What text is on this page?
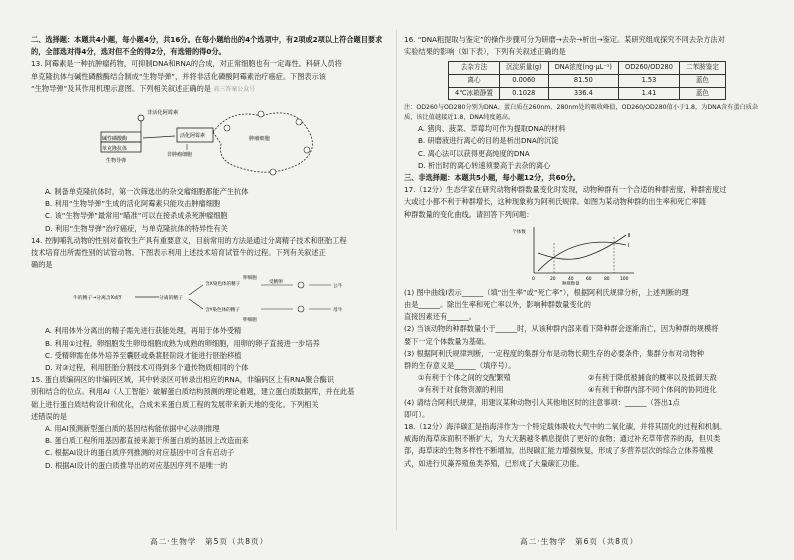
二、选择题：本题共4小题，每小题4分，共16分。在每小题给出的4个选项中，有2项或2项以上符合题目要求的，全部选对得4分，选对但不全的得2分，有选错的得0分。

13. 阿霉素是一种抗肿瘤药物，可抑制DNA和RNA的合成，对正常细胞也有一定毒性。科研人员将

单克隆抗体与碱性磷酸酶结合制成“生物导弹”，并将非活化磷酸阿霉素治疗癌症。下图表示该

“生物导弹”及其作用机理示意图。下列相关叙述正确的是 高三答案公众号

非活化阿霉素
碱性磷酸酶
单克隆抗体
生物导弹
活化阿霉素	肿瘤细胞
非肿瘤细胞

A. 制备单克隆抗体时，第一次筛选出的杂交瘤细胞都能产生抗体

B. 利用“生物导弹”生成的活化阿霉素只能攻击肿瘤细胞

C. 该“生物导弹”最常用“瞄准”可以在接杀成杀死肿瘤细胞

D. 利用“生物导弹”治疗癌症，与单克隆抗体的特异性有关

14. 控制哺乳动物的性别对畜牧生产具有重要意义，目前常用的方法是通过分离精子技术和胚胎工程

技术培育出所需性别的试管动物。下图表示利用上述技术培育试管牛的过程。下列有关叙述正

确的是

牛的精子→分离含X或Y	分离的精子
含X染色体的精子
含Y染色体的精子
卵细胞
卵细胞
受精卵
公牛
母牛

A. 利用体外分离出的精子需先进行获能处理，再用于体外受精

B. 利用①过程，卵细胞发生卵母细胞成熟为成熟的卵细胞，用卵的卵子直接进一步培养

C. 受精卵需在体外培养至囊胚或桑葚胚阶段才能进行胚胎移植

D. 对③过程，利用胚胎分割技术可得到多个遗传物质相同的个体

15. 蛋白质编码区的非编码区域，其中转录区可转录出相应的RNA，非编码区上有RNA聚合酶识

别和结合的位点。利用AI（人工智能）破解蛋白质结构预测的理论难题，建立蛋白质数据库，并在此基

础上进行蛋白质结构设计和优化，合成未来蛋白质工程的发展带来新天地的变化。下列相关

述错误的是

A. 用AI预测新型蛋白质的基因结构能依据中心法则推理

B. 蛋白质工程所用基因都直接来源于所蛋白质的基因上改造而来

C. 根据AI设计的蛋白质序列推测的对应基因中可含有启动子

D. 根据AI设计的蛋白质推导出的对应基因序列不是唯一的

16. “DNA粗提取与鉴定”的操作步骤可分为研磨→去杂→析出→鉴定。某研究组成探究不同去杂方法对

实验结果的影响（如下表），下列有关叙述正确的是

去杂方法	沉淀质量(g)	DNA浓度(ng·μL⁻¹)	OD260/OD280	二苯胺鉴定
离心	0.0060	81.50	1.53	蓝色
4℃冰箱静置	0.1028	336.4	1.41	蓝色

注：OD260与OD280分别为DNA、蛋白质在260nm、280nm处的吸收峰值，OD260/OD280值小于1.8，为DNA含有蛋白质杂质，该比值越接近1.8，DNA纯度越高。

A. 猪肉、菠菜、草莓均可作为提取DNA的材料

B. 研磨液进行离心的目的是析出DNA的沉淀

C. 离心法可以获得更高纯度的DNA

D. 析出时的离心转速须要高于去杂的离心

三、非选择题：本题共5小题，每小题12分，共60分。

17.（12分）生态学家在研究动物种群数量变化时发现，动物种群有一个合适的种群密度，种群密度过

大或过小都不利于种群增长，这种现象称为阿利氏规律。如图为某动物种群的出生率和死亡率随

种群数量的变化曲线。请回答下列问题：

个体数
Ⅰ
Ⅱ
0	20	40	60	80 100
种群数量

(1) 图中曲线Ⅰ表示______（填“出生率”或“死亡率”），根据阿利氏规律分析，上述判断的理

由是______。除出生率和死亡率以外，影响种群数量变化的

直接因素还有______。

(2) 当该动物的种群数量小于______时，从该种群内部来看下降种群会逐渐消亡，因为种群的规模将

要下一定个体数量为基础。

(3) 根据阿利氏规律判断，一定程度的集群分布是动物长期生存的必要条件，集群分布对动物种

群的生存意义是______（填序号）。

①有利于个体之间的交配繁殖	②有利于降低被捕食的概率以及抵御天敌

③有利于对食物资源的利用	④有利于种群内部不同个体间的协同进化

(4) 请结合阿利氏规律，用建议某种动物引入其他地区时的注意事项：______（答出1点

即可）。

18.（12分）海洋碳汇是指海洋作为一个特定载体吸收大气中的二氧化碳，并将其固化的过程和机制。

威海的海草床面积不断扩大，为大天鹅越冬栖息提供了更好的食物；通过补充草带营养的海，但贝类

部，海草床的生物多样性不断增加，出现碳汇能力增强恢复，形成了多营养层次的综合立体养殖模

式，如进行贝藻养殖鱼类养殖，已形成了大量碳汇功能。

高二·生物学　第5页（共8页）	高二·生物学　第6页（共8页）
